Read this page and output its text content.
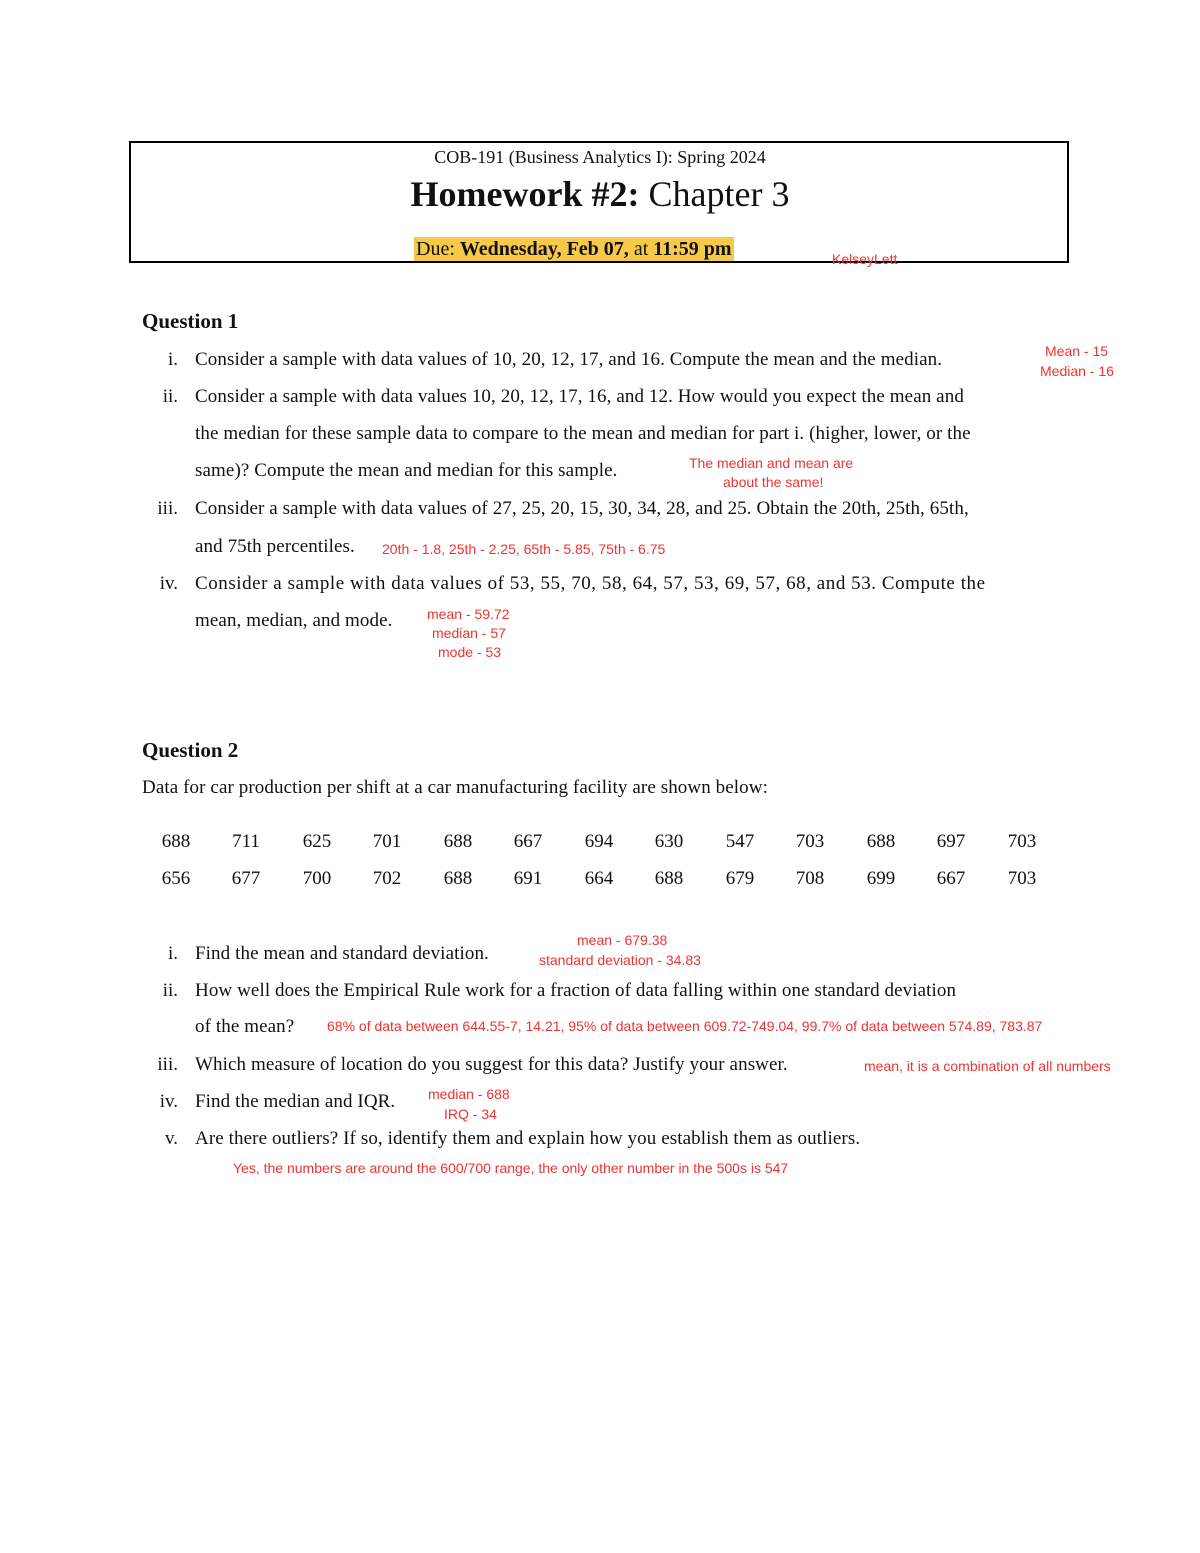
COB-191 (Business Analytics I): Spring 2024
Homework #2: Chapter 3
Due: Wednesday, Feb 07, at 11:59 pm	KelseyLett
Question 1
i. Consider a sample with data values of 10, 20, 12, 17, and 16. Compute the mean and the median.
ii. Consider a sample with data values 10, 20, 12, 17, 16, and 12. How would you expect the mean and
the median for these sample data to compare to the mean and median for part i. (higher, lower, or the
same)? Compute the mean and median for this sample.
iii. Consider a sample with data values of 27, 25, 20, 15, 30, 34, 28, and 25. Obtain the 20th, 25th, 65th,
and 75th percentiles.
iv. Consider a sample with data values of 53, 55, 70, 58, 64, 57, 53, 69, 57, 68, and 53. Compute the
mean, median, and mode.
Mean - 15
Median - 16
The median and mean are
about the same!
20th - 1.8, 25th - 2.25, 65th - 5.85, 75th - 6.75
mean - 59.72
median - 57
mode - 53
Question 2
Data for car production per shift at a car manufacturing facility are shown below:
688	711	625	701	688	667	694	630	547	703	688	697	703
656	677	700	702	688	691	664	688	679	708	699	667	703
i. Find the mean and standard deviation.
ii. How well does the Empirical Rule work for a fraction of data falling within one standard deviation
of the mean?
iii. Which measure of location do you suggest for this data? Justify your answer.
iv. Find the median and IQR.
v. Are there outliers? If so, identify them and explain how you establish them as outliers.
mean - 679.38
standard deviation - 34.83
68% of data between 644.55-7, 14.21, 95% of data between 609.72-749.04, 99.7% of data between 574.89, 783.87
mean, it is a combination of all numbers
median - 688
IRQ - 34
Yes, the numbers are around the 600/700 range, the only other number in the 500s is 547
